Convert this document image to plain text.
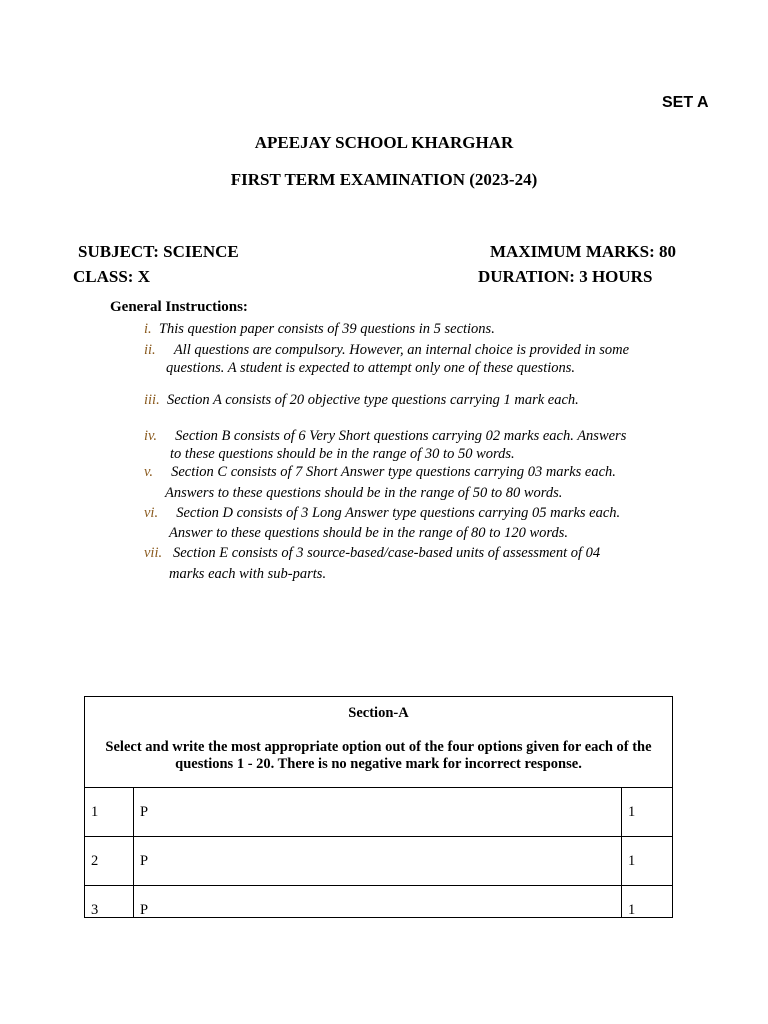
SET A
APEEJAY SCHOOL KHARGHAR
FIRST TERM EXAMINATION (2023-24)
SUBJECT: SCIENCE	MAXIMUM MARKS: 80
CLASS: X	DURATION: 3 HOURS
General Instructions:
i. This question paper consists of 39 questions in 5 sections.
ii. All questions are compulsory. However, an internal choice is provided in some
questions. A student is expected to attempt only one of these questions.
iii. Section A consists of 20 objective type questions carrying 1 mark each.
iv. Section B consists of 6 Very Short questions carrying 02 marks each. Answers
to these questions should be in the range of 30 to 50 words.
v. Section C consists of 7 Short Answer type questions carrying 03 marks each.
Answers to these questions should be in the range of 50 to 80 words.
vi. Section D consists of 3 Long Answer type questions carrying 05 marks each.
Answer to these questions should be in the range of 80 to 120 words.
vii. Section E consists of 3 source-based/case-based units of assessment of 04
marks each with sub-parts.
Section-A
Select and write the most appropriate option out of the four options given for each of the questions 1 - 20. There is no negative mark for incorrect response.		
1	P	1
2	P	1
3	P	1
